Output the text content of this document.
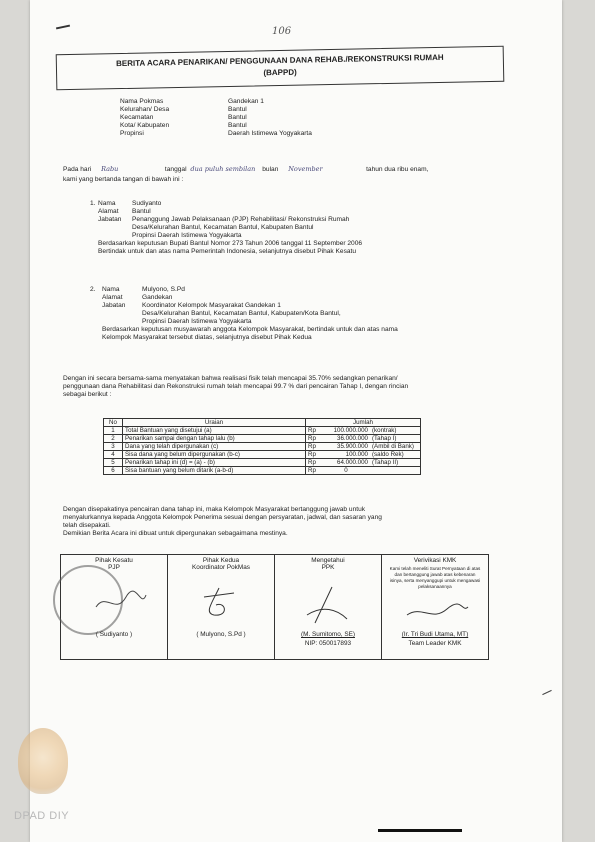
106
BERITA ACARA PENARIKAN/ PENGGUNAAN DANA REHAB./REKONSTRUKSI RUMAH
(BAPPD)
Nama Pokmas	Gandekan 1
Kelurahan/ Desa	Bantul
Kecamatan	Bantul
Kota/ Kabupaten	Bantul
Propinsi	Daerah Istimewa Yogyakarta
Pada hari Rabu	tanggal dua puluh sembilan bulan November	tahun dua ribu enam,
kami yang bertanda tangan di bawah ini :
1. Nama Sudiyanto
Alamat Bantul
Jabatan Penanggung Jawab Pelaksanaan (PJP) Rehabilitasi/ Rekonstruksi Rumah
Desa/Kelurahan Bantul, Kecamatan Bantul, Kabupaten Bantul
Propinsi Daerah Istimewa Yogyakarta
Berdasarkan keputusan Bupati Bantul Nomor 273 Tahun 2006 tanggal 11 September 2006
Bertindak untuk dan atas nama Pemerintah Indonesia, selanjutnya disebut Pihak Kesatu
2. Nama	Mulyono, S.Pd
Alamat	Gandekan
Jabatan	Koordinator Kelompok Masyarakat Gandekan 1
Desa/Kelurahan Bantul, Kecamatan Bantul, Kabupaten/Kota Bantul,
Propinsi Daerah Istimewa Yogyakarta
Berdasarkan keputusan musyawarah anggota Kelompok Masyarakat, bertindak untuk dan atas nama
Kelompok Masyarakat tersebut diatas, selanjutnya disebut Pihak Kedua
Dengan ini secara bersama-sama menyatakan bahwa realisasi fisik telah mencapai 35.70% sedangkan penarikan/
penggunaan dana Rehabilitasi dan Rekonstruksi rumah telah mencapai 99.7 % dari pencairan Tahap I, dengan rincian
sebagai berikut :
No	Uraian	Jumlah		
1	Total Bantuan yang disetujui (a)	Rp	100.000.000	(kontrak)
2	Penarikan sampai dengan tahap lalu (b)	Rp	36.000.000	(Tahap I)
3	Dana yang telah dipergunakan (c)	Rp	35.900.000	(Ambil di Bank)
4	Sisa dana yang belum dipergunakan (b-c)	Rp	100.000	(saldo Rek)
5	Penarikan tahap ini (d) = (a) - (b)	Rp	64.000.000	(Tahap II)
6	Sisa bantuan yang belum ditarik (a-b-d)	Rp	0	
Dengan disepakatinya pencairan dana tahap ini, maka Kelompok Masyarakat bertanggung jawab untuk
menyalurkannya kepada Anggota Kelompok Penerima sesuai dengan persyaratan, jadwal, dan sasaran yang
telah disepakati.
Demikian Berita Acara ini dibuat untuk dipergunakan sebagaimana mestinya.
Pihak Kesatu
PJP
( Sudiyanto )

Pihak Kedua
Koordinator PokMas
( Mulyono, S.Pd )

Mengetahui
PPK
(M. Sumitomo, SE)
NIP: 050017893

Verivikasi KMK
Kami telah meneliti Surat Pernyataan di atas
dan bertanggung jawab atas kebenaran
isinya, serta menyanggupi untuk mengawasi
pelaksanaannya
(Ir. Tri Budi Utama, MT)
Team Leader KMK
DPAD DIY
